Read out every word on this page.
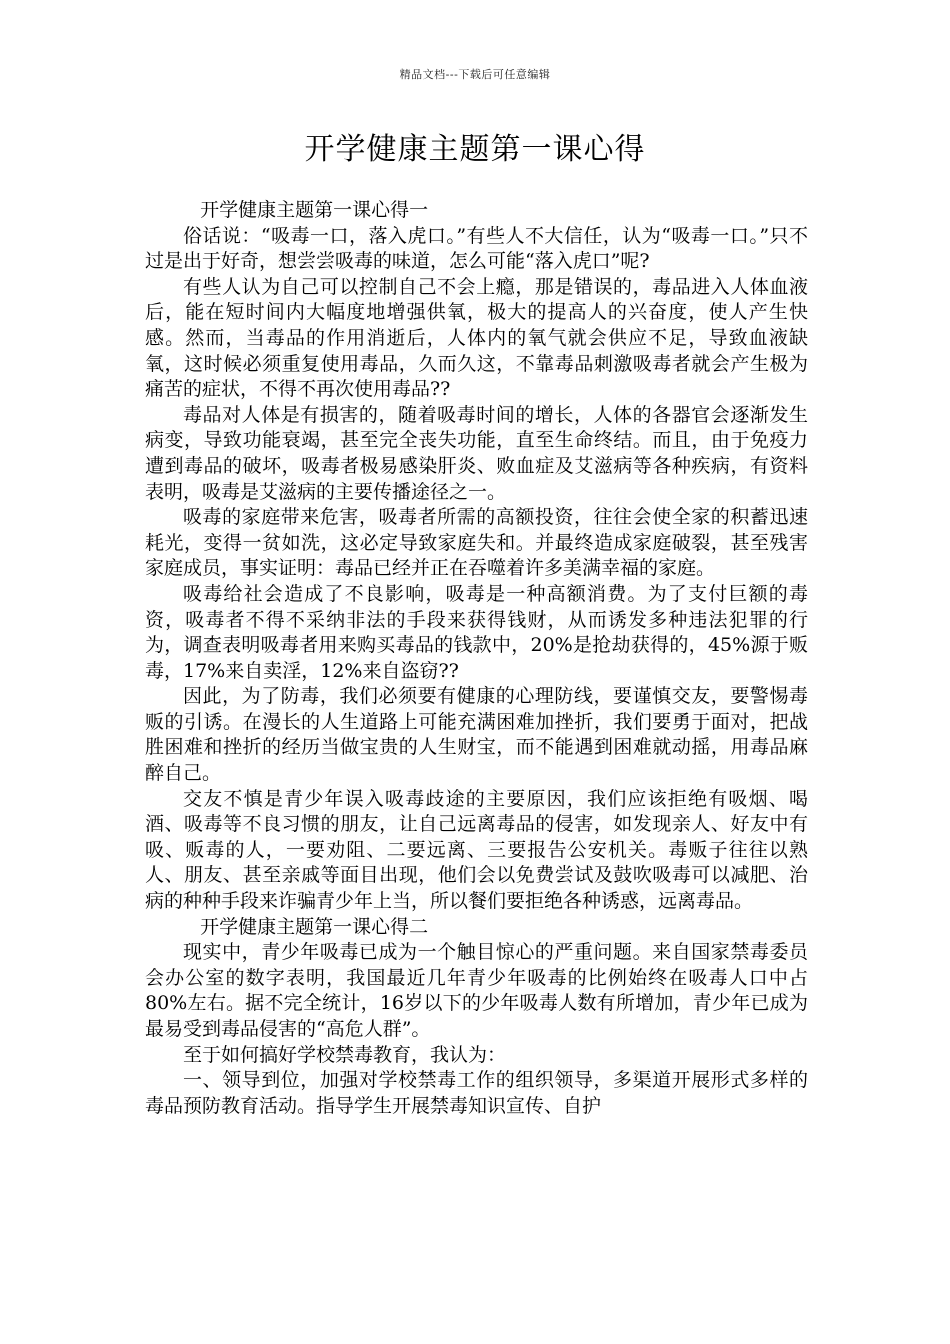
精品文档---下载后可任意编辑
开学健康主题第一课心得

开学健康主题第一课心得一

俗话说：“吸毒一口，落入虎口。”有些人不大信任，认为“吸毒一口。”只不过是出于好奇，想尝尝吸毒的味道，怎么可能“落入虎口”呢?

有些人认为自己可以控制自己不会上瘾，那是错误的，毒品进入人体血液后，能在短时间内大幅度地增强供氧，极大的提高人的兴奋度，使人产生快感。然而，当毒品的作用消逝后，人体内的氧气就会供应不足，导致血液缺氧，这时候必须重复使用毒品，久而久这，不靠毒品刺激吸毒者就会产生极为痛苦的症状，不得不再次使用毒品??

毒品对人体是有损害的，随着吸毒时间的增长，人体的各器官会逐渐发生病变，导致功能衰竭，甚至完全丧失功能，直至生命终结。而且，由于免疫力遭到毒品的破坏，吸毒者极易感染肝炎、败血症及艾滋病等各种疾病，有资料表明，吸毒是艾滋病的主要传播途径之一。

吸毒的家庭带来危害，吸毒者所需的高额投资，往往会使全家的积蓄迅速耗光，变得一贫如洗，这必定导致家庭失和。并最终造成家庭破裂，甚至残害家庭成员，事实证明：毒品已经并正在吞噬着许多美满幸福的家庭。

吸毒给社会造成了不良影响，吸毒是一种高额消费。为了支付巨额的毒资，吸毒者不得不采纳非法的手段来获得钱财，从而诱发多种违法犯罪的行为，调查表明吸毒者用来购买毒品的钱款中，20%是抢劫获得的，45%源于贩毒，17%来自卖淫，12%来自盗窃??

因此，为了防毒，我们必须要有健康的心理防线，要谨慎交友，要警惕毒贩的引诱。在漫长的人生道路上可能充满困难加挫折，我们要勇于面对，把战胜困难和挫折的经历当做宝贵的人生财宝，而不能遇到困难就动摇，用毒品麻醉自己。

交友不慎是青少年误入吸毒歧途的主要原因，我们应该拒绝有吸烟、喝酒、吸毒等不良习惯的朋友，让自己远离毒品的侵害，如发现亲人、好友中有吸、贩毒的人，一要劝阻、二要远离、三要报告公安机关。毒贩子往往以熟人、朋友、甚至亲戚等面目出现，他们会以免费尝试及鼓吹吸毒可以减肥、治病的种种手段来诈骗青少年上当，所以餐们要拒绝各种诱惑，远离毒品。

开学健康主题第一课心得二

现实中，青少年吸毒已成为一个触目惊心的严重问题。来自国家禁毒委员会办公室的数字表明，我国最近几年青少年吸毒的比例始终在吸毒人口中占80%左右。据不完全统计，16岁以下的少年吸毒人数有所增加，青少年已成为最易受到毒品侵害的“高危人群”。

至于如何搞好学校禁毒教育，我认为：

一、领导到位，加强对学校禁毒工作的组织领导，多渠道开展形式多样的毒品预防教育活动。指导学生开展禁毒知识宣传、自护
